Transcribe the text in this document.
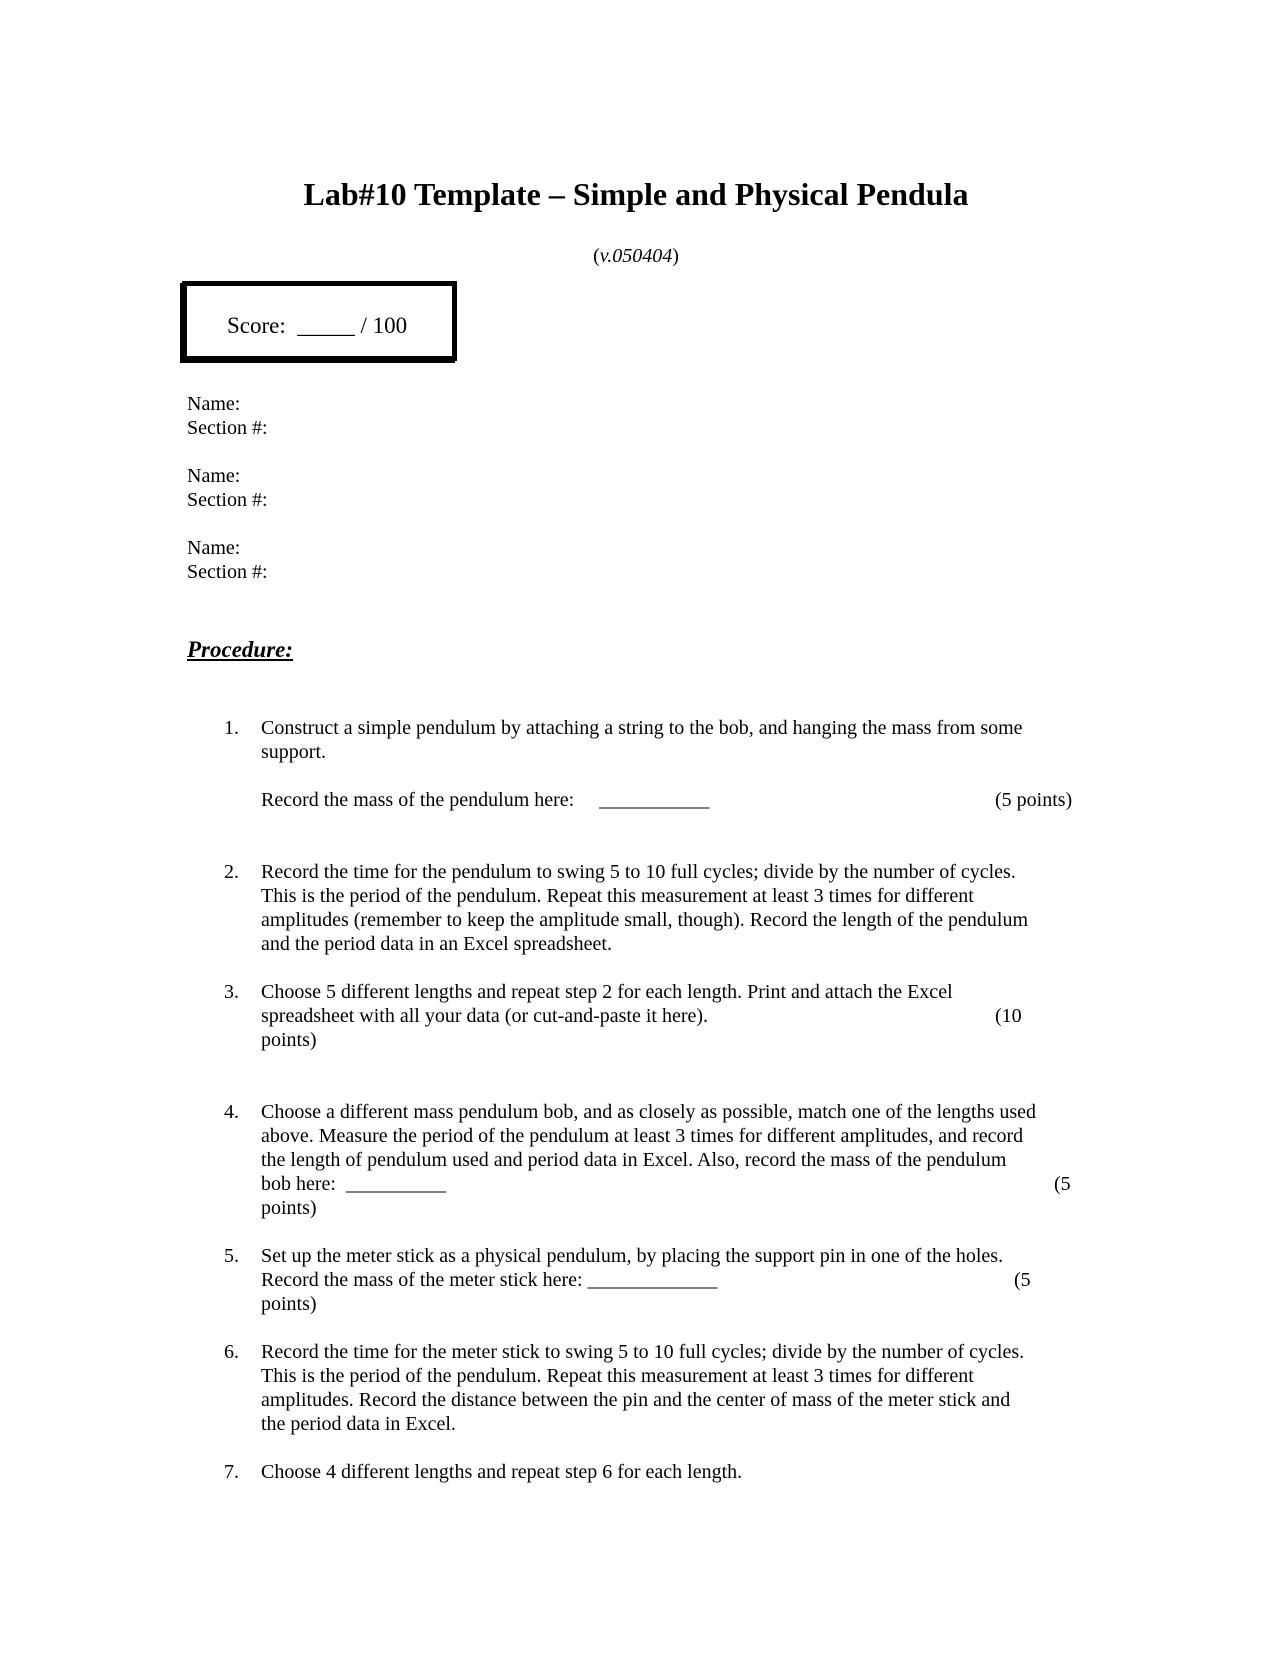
Lab#10 Template – Simple and Physical Pendula
(v.050404)
Score:  _____ / 100
Name:
Section #:
Name:
Section #:
Name:
Section #:
Procedure:
1. Construct a simple pendulum by attaching a string to the bob, and hanging the mass from some
support.
Record the mass of the pendulum here:     ___________	(5 points)
2. Record the time for the pendulum to swing 5 to 10 full cycles; divide by the number of cycles.
This is the period of the pendulum. Repeat this measurement at least 3 times for different
amplitudes (remember to keep the amplitude small, though). Record the length of the pendulum
and the period data in an Excel spreadsheet.
3. Choose 5 different lengths and repeat step 2 for each length. Print and attach the Excel
spreadsheet with all your data (or cut-and-paste it here).	(10
points)
4. Choose a different mass pendulum bob, and as closely as possible, match one of the lengths used
above. Measure the period of the pendulum at least 3 times for different amplitudes, and record
the length of pendulum used and period data in Excel. Also, record the mass of the pendulum
bob here:  __________	(5
points)
5. Set up the meter stick as a physical pendulum, by placing the support pin in one of the holes.
Record the mass of the meter stick here: _____________	(5
points)
6. Record the time for the meter stick to swing 5 to 10 full cycles; divide by the number of cycles.
This is the period of the pendulum. Repeat this measurement at least 3 times for different
amplitudes. Record the distance between the pin and the center of mass of the meter stick and
the period data in Excel.
7. Choose 4 different lengths and repeat step 6 for each length.
